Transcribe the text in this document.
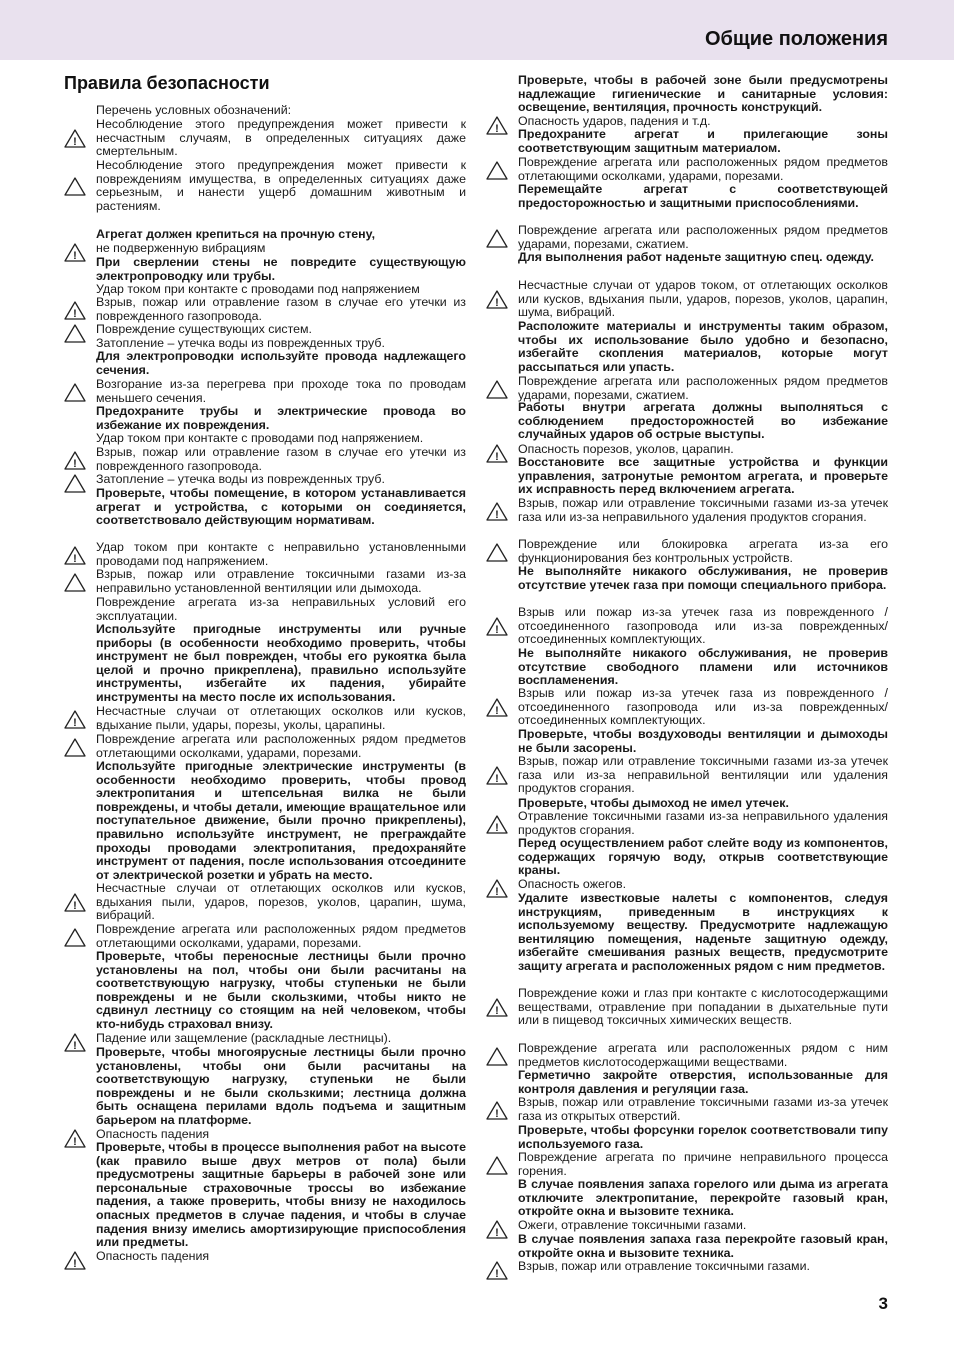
Общие положения
Правила безопасности
Перечень условных обозначений:
!
Несоблюдение этого предупреждения может привести к несчастным случаям, в определенных ситуациях даже смертельным.
Несоблюдение этого предупреждения может привести к повреждениям имущества, в определенных ситуациях даже серьезным, и нанести ущерб домашним животным и растениям.
Агрегат должен крепиться на прочную стену,
!
не подверженную вибрациям
При сверлении стены не повредите существующую электропроводку или трубы.
Удар током при контакте с проводами под напряжением
!
Взрыв, пожар или отравление газом в случае его утечки из поврежденного газопровода.
Повреждение существующих систем.
Затопление – утечка воды из поврежденных труб.
Для электропроводки используйте провода надлежащего сечения.
Возгорание из-за перегрева при проходе тока по проводам меньшего сечения.
Предохраните трубы и электрические провода во избежание их повреждения.
Удар током при контакте с проводами под напряжением.
!
Взрыв, пожар или отравление газом в случае его утечки из поврежденного газопровода.
Затопление – утечка воды из поврежденных труб.
Проверьте, чтобы помещение, в котором устанавливается агрегат и устройства, с которыми он соединяется, соответствовало действующим нормативам.
!
Удар током при контакте с неправильно установленными проводами под напряжением.
Взрыв, пожар или отравление токсичными газами из-за неправильно установленной вентиляции или дымохода.
Повреждение агрегата из-за неправильных условий его эксплуатации.
Используйте пригодные инструменты или ручные приборы (в особенности необходимо проверить, чтобы инструмент не был поврежден, чтобы его рукоятка была целой и прочно прикреплена), правильно используйте инструменты, избегайте их падения, убирайте инструменты на место после их использования.
!
Несчастные случаи от отлетающих осколков или кусков, вдыхание пыли, удары, порезы, уколы, царапины.
Повреждение агрегата или расположенных рядом предметов отлетающими осколками, ударами, порезами.
Используйте пригодные электрические инструменты (в особенности необходимо проверить, чтобы провод электропитания и штепсельная вилка не были повреждены, и чтобы детали, имеющие вращательное или поступательное движение, были прочно прикреплены), правильно используйте инструмент, не преграждайте проходы проводами электропитания, предохраняйте инструмент от падения, после использования отсоедините от электрической розетки и убрать на место.
!
Несчастные случаи от отлетающих осколков или кусков, вдыхания пыли, ударов, порезов, уколов, царапин, шума, вибраций.
Повреждение агрегата или расположенных рядом предметов отлетающими осколками, ударами, порезами.
Проверьте, чтобы переносные лестницы были прочно установлены на пол, чтобы они были расчитаны на соответствующую нагрузку, чтобы ступеньки не были повреждены и не были скользкими, чтобы никто не сдвинул лестницу со стоящим на ней человеком, чтобы кто-нибудь страховал внизу.
!
Падение или защемление (раскладные лестницы).
Проверьте, чтобы многоярусные лестницы были прочно установлены, чтобы они были расчитаны на соответствующую нагрузку, ступеньки не были повреждены и не были скользкими; лестница должна быть оснащена перилами вдоль подъема и защитным барьером на платформе.
!
Опасность падения
Проверьте, чтобы в процессе выполнения работ на высоте (как правило выше двух метров от пола) были предусмотрены защитные барьеры в рабочей зоне или персональные страховочные троссы во избежание падения, а также проверить, чтобы внизу не находилось опасных предметов в случае падения, и чтобы в случае падения внизу имелись амортизирующие приспособления или предметы.
!
Опасность падения
Проверьте, чтобы в рабочей зоне были предусмотрены надлежащие гигиенические и санитарные условия: освещение, вентиляция, прочность конструкций.
!
Опасность ударов, падения и т.д.
Предохраните агрегат и прилегающие зоны соответствующим защитным материалом.
Повреждение агрегата или расположенных рядом предметов отлетающими осколками, ударами, порезами.
Перемещайте агрегат с соответствующей предосторожностью и защитными приспособлениями.
Повреждение агрегата или расположенных рядом предметов ударами, порезами, сжатием.
Для выполнения работ наденьте защитную спец. одежду.
!
Несчастные случаи от ударов током, от отлетающих осколков или кусков, вдыхания пыли, ударов, порезов, уколов, царапин, шума, вибраций.
Расположите материалы и инструменты таким образом, чтобы их использование было удобно и безопасно, избегайте скопления материалов, которые могут рассыпаться или упасть.
Повреждение агрегата или расположенных рядом предметов ударами, порезами, сжатием.
Работы внутри агрегата должны выполняться с соблюдением предосторожностей во избежание случайных ударов об острые выступы.
!
Опасность порезов, уколов, царапин.
Восстановите все защитные устройства и функции управления, затронутые ремонтом агрегата, и проверьте их исправность перед включением агрегата.
!
Взрыв, пожар или отравление токсичными газами из-за утечек газа или из-за неправильного удаления продуктов сгорания.
Повреждение или блокировка агрегата из-за его функционирования без контрольных устройств.
Не выполняйте никакого обслуживания, не проверив отсутствие утечек газа при помощи специального прибора.
!
Взрыв или пожар из-за утечек газа из поврежденного /отсоединенного газопровода или из-за поврежденных/ отсоединенных комплектующих.
Не выполняйте никакого обслуживания, не проверив отсутствие свободного пламени или источников воспламенения.
!
Взрыв или пожар из-за утечек газа из поврежденного /отсоединенного газопровода или из-за поврежденных/ отсоединенных комплектующих.
Проверьте, чтобы воздуховоды вентиляции и дымоходы не были засорены.
!
Взрыв, пожар или отравление токсичными газами из-за утечек газа или из-за неправильной вентиляции или удаления продуктов сгорания.
Проверьте, чтобы дымоход не имел утечек.
!
Отравление токсичными газами из-за неправильного удаления продуктов сгорания.
Перед осуществлением работ слейте воду из компонентов, содержащих горячую воду, открыв соответствующие краны.
!
Опасность ожегов.
Удалите известковые налеты с компонентов, следуя инструкциям, приведенным в инструкциях к используемому веществу. Предусмотрите надлежащую вентиляцию помещения, наденьте защитную одежду, избегайте смешивания разных веществ, предусмотрите защиту агрегата и расположенных рядом с ним предметов.
!
Повреждение кожи и глаз при контакте с кислотосодержащими веществами, отравление при попадании в дыхательные пути или в пищевод токсичных химических веществ.
Повреждение агрегата или расположенных рядом с ним предметов кислотосодержащими веществами.
Герметично закройте отверстия, использованные для контроля давления и регуляции газа.
!
Взрыв, пожар или отравление токсичными газами из-за утечек газа из открытых отверстий.
Проверьте, чтобы форсунки горелок соответствовали типу используемого газа.
Повреждение агрегата по причине неправильного процесса горения.
В случае появления запаха горелого или дыма из агрегата отключите электропитание, перекройте газовый кран, откройте окна и вызовите техника.
!
Ожеги, отравление токсичными газами.
В случае появления запаха газа перекройте газовый кран, откройте окна и вызовите техника.
!
Взрыв, пожар или отравление токсичными газами.
3
